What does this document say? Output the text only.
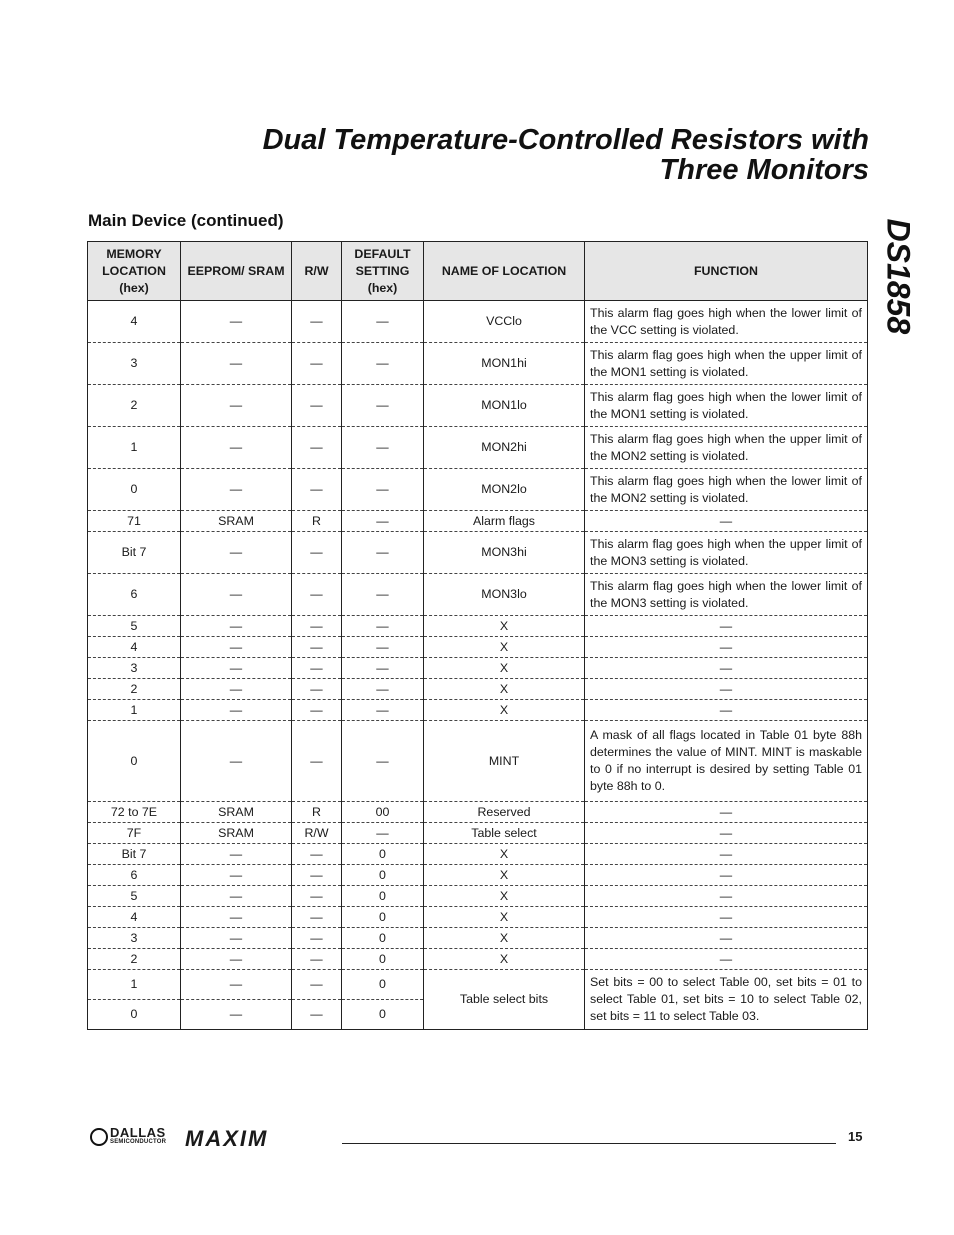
Dual Temperature-Controlled Resistors with
Three Monitors
DS1858
Main Device (continued)
MEMORY LOCATION (hex)	EEPROM/ SRAM	R/W	DEFAULT SETTING (hex)	NAME OF LOCATION	FUNCTION
4	—	—	—	VCClo	This alarm flag goes high when the lower limit of the VCC setting is violated.
3	—	—	—	MON1hi	This alarm flag goes high when the upper limit of the MON1 setting is violated.
2	—	—	—	MON1lo	This alarm flag goes high when the lower limit of the MON1 setting is violated.
1	—	—	—	MON2hi	This alarm flag goes high when the upper limit of the MON2 setting is violated.
0	—	—	—	MON2lo	This alarm flag goes high when the lower limit of the MON2 setting is violated.
71	SRAM	R	—	Alarm flags	—
Bit 7	—	—	—	MON3hi	This alarm flag goes high when the upper limit of the MON3 setting is violated.
6	—	—	—	MON3lo	This alarm flag goes high when the lower limit of the MON3 setting is violated.
5	—	—	—	X	—
4	—	—	—	X	—
3	—	—	—	X	—
2	—	—	—	X	—
1	—	—	—	X	—
0	—	—	—	MINT	A mask of all flags located in Table 01 byte 88h determines the value of MINT. MINT is maskable to 0 if no interrupt is desired by setting Table 01 byte 88h to 0.
72 to 7E	SRAM	R	00	Reserved	—
7F	SRAM	R/W	—	Table select	—
Bit 7	—	—	0	X	—
6	—	—	0	X	—
5	—	—	0	X	—
4	—	—	0	X	—
3	—	—	0	X	—
2	—	—	0	X	—
1	—	—	0	Table select bits	Set bits = 00 to select Table 00, set bits = 01 to select Table 01, set bits = 10 to select Table 02, set bits = 11 to select Table 03.
0	—	—	0		
DALLAS
SEMICONDUCTOR MAXIM	15
